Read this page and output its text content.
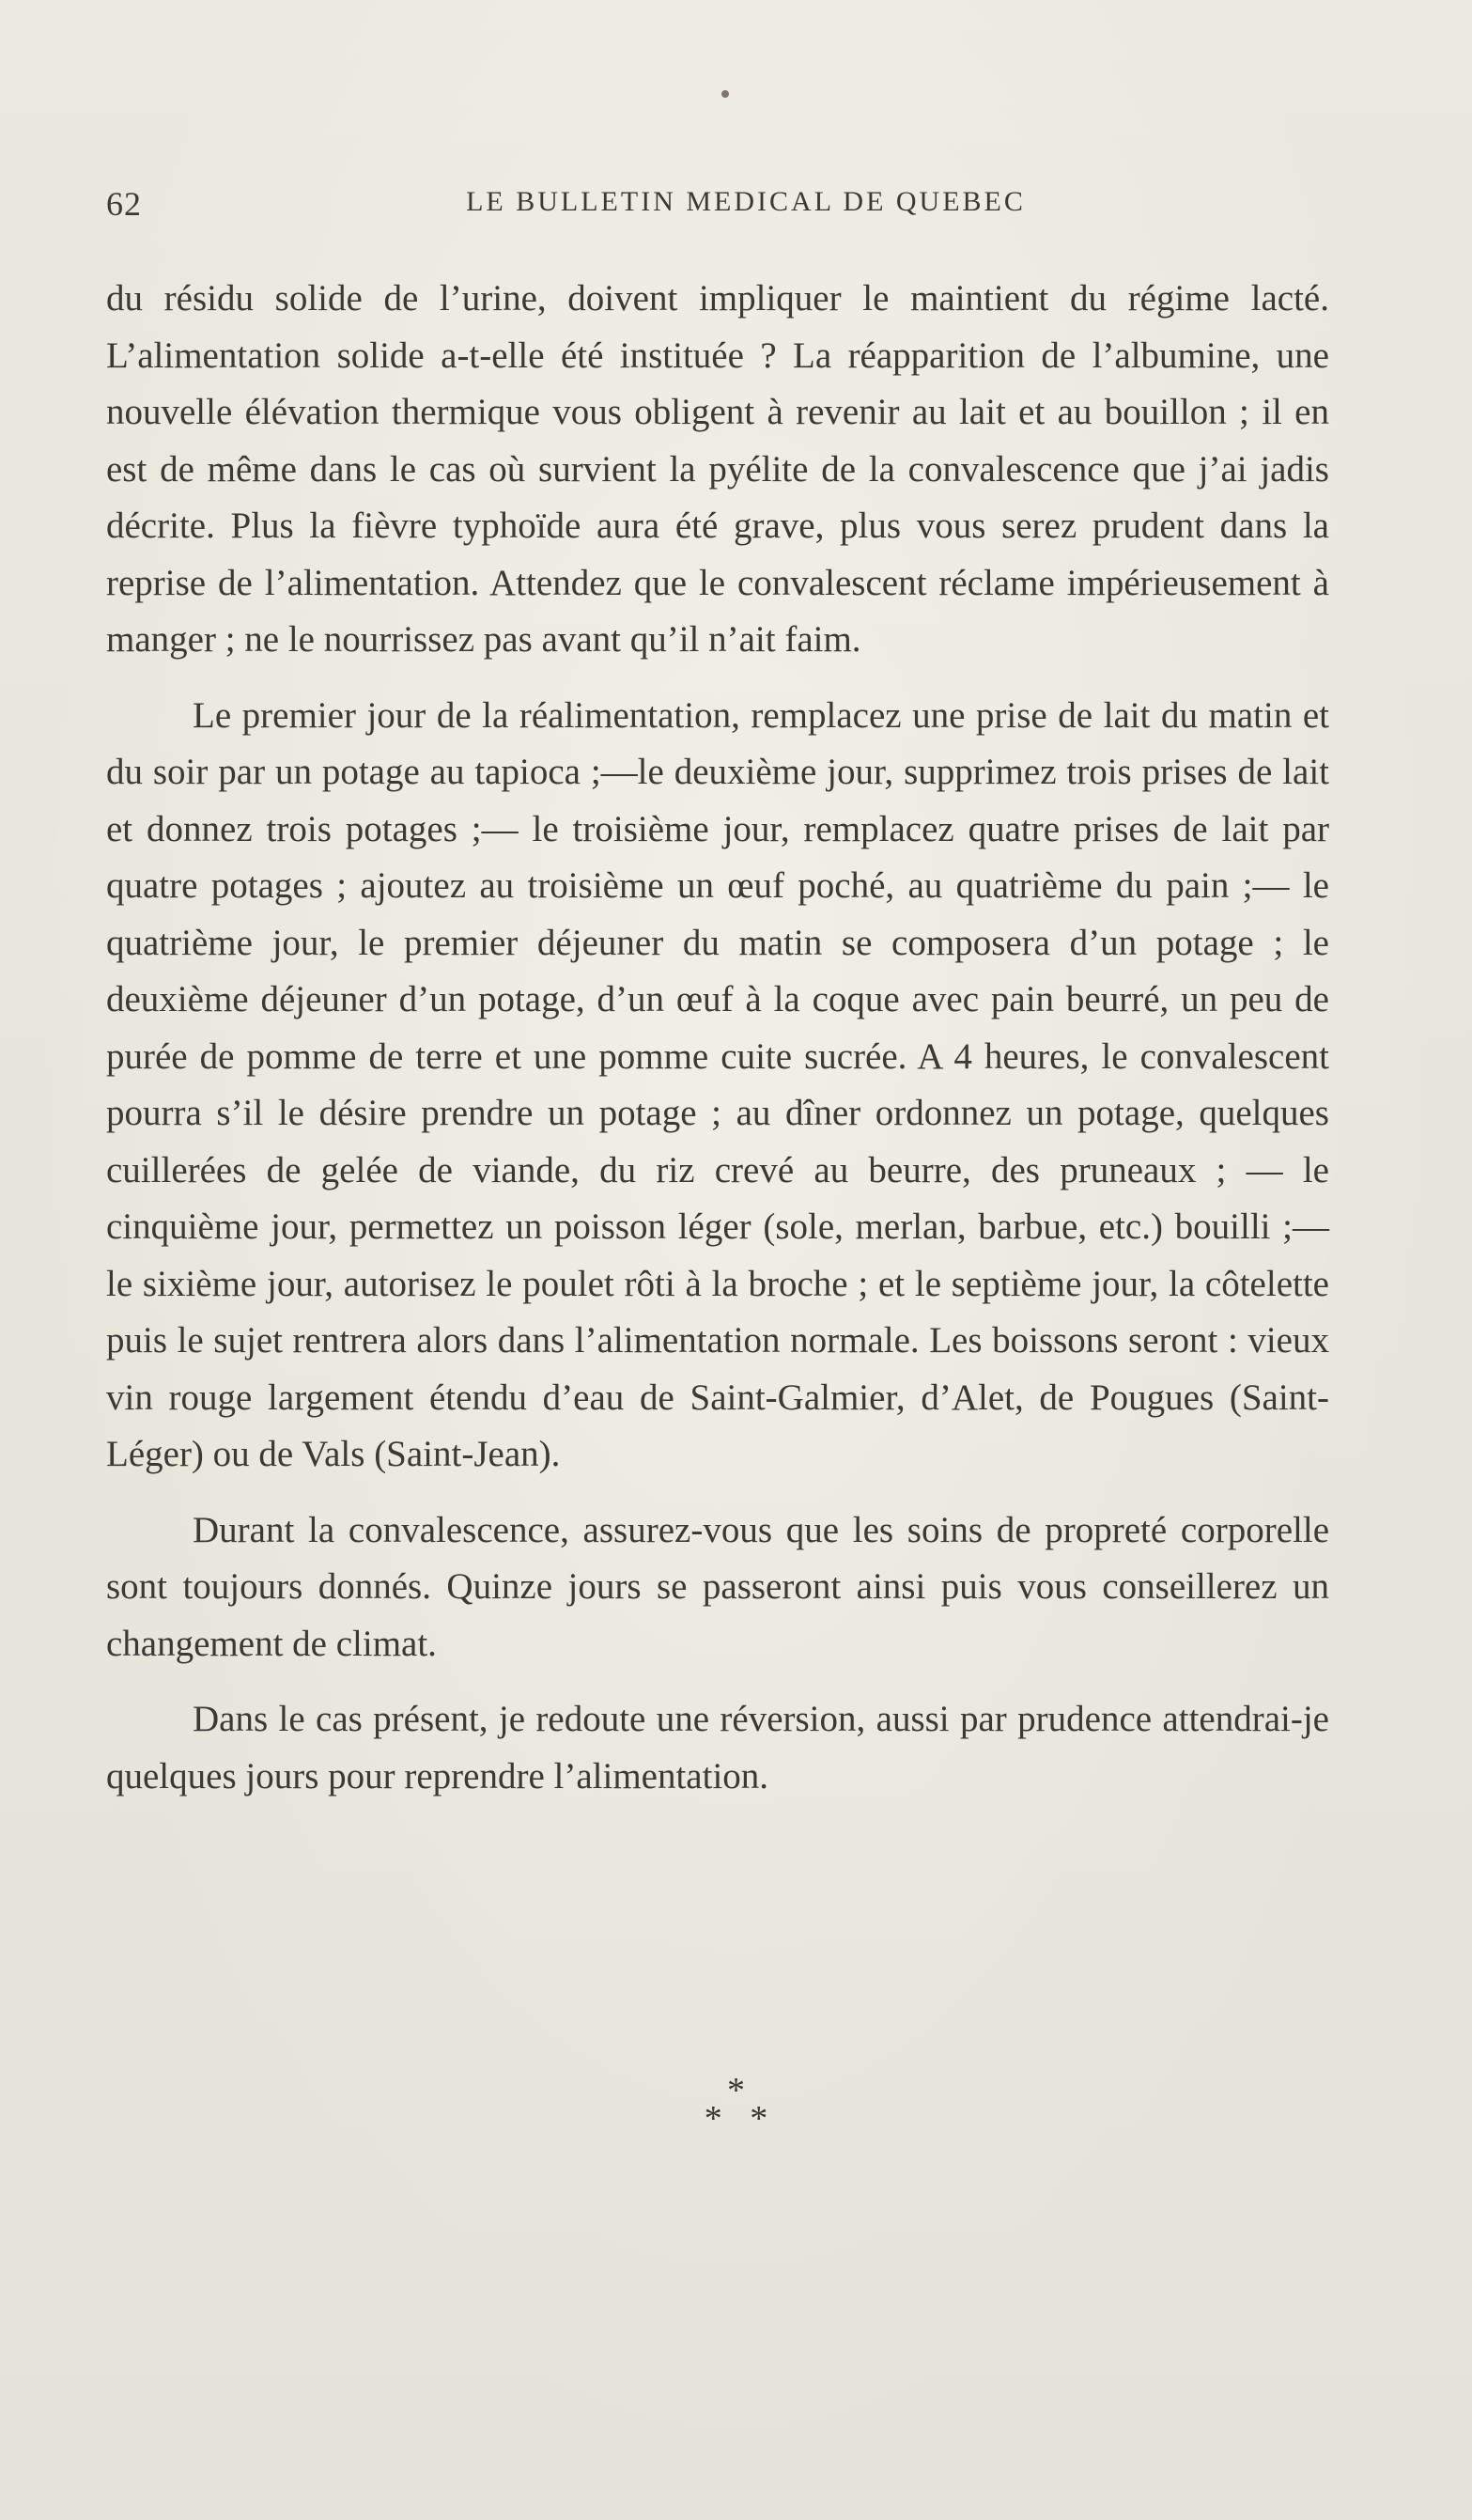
62	LE BULLETIN MEDICAL DE QUEBEC

du résidu solide de l’urine, doivent impliquer le maintient du régime lacté. L’alimentation solide a-t-elle été instituée ? La réapparition de l’albumine, une nouvelle élévation thermique vous obligent à revenir au lait et au bouillon ; il en est de même dans le cas où survient la pyélite de la convalescence que j’ai jadis décrite. Plus la fièvre typhoïde aura été grave, plus vous serez prudent dans la reprise de l’alimentation. Attendez que le convalescent réclame impérieusement à manger ; ne le nourrissez pas avant qu’il n’ait faim.

Le premier jour de la réalimentation, remplacez une prise de lait du matin et du soir par un potage au tapioca ;—le deuxième jour, supprimez trois prises de lait et donnez trois potages ;— le troisième jour, remplacez quatre prises de lait par quatre potages ; ajoutez au troisième un œuf poché, au quatrième du pain ;— le quatrième jour, le premier déjeuner du matin se composera d’un potage ; le deuxième déjeuner d’un potage, d’un œuf à la coque avec pain beurré, un peu de purée de pomme de terre et une pomme cuite sucrée. A 4 heures, le convalescent pourra s’il le désire prendre un potage ; au dîner ordonnez un potage, quelques cuillerées de gelée de viande, du riz crevé au beurre, des pruneaux ; — le cinquième jour, permettez un poisson léger (sole, merlan, barbue, etc.) bouilli ;— le sixième jour, autorisez le poulet rôti à la broche ; et le septième jour, la côtelette puis le sujet rentrera alors dans l’alimentation normale. Les boissons seront : vieux vin rouge largement étendu d’eau de Saint-Galmier, d’Alet, de Pougues (Saint-Léger) ou de Vals (Saint-Jean).

Durant la convalescence, assurez-vous que les soins de propreté corporelle sont toujours donnés. Quinze jours se passeront ainsi puis vous conseillerez un changement de climat.

Dans le cas présent, je redoute une réversion, aussi par prudence attendrai-je quelques jours pour reprendre l’alimentation.

*
* *
